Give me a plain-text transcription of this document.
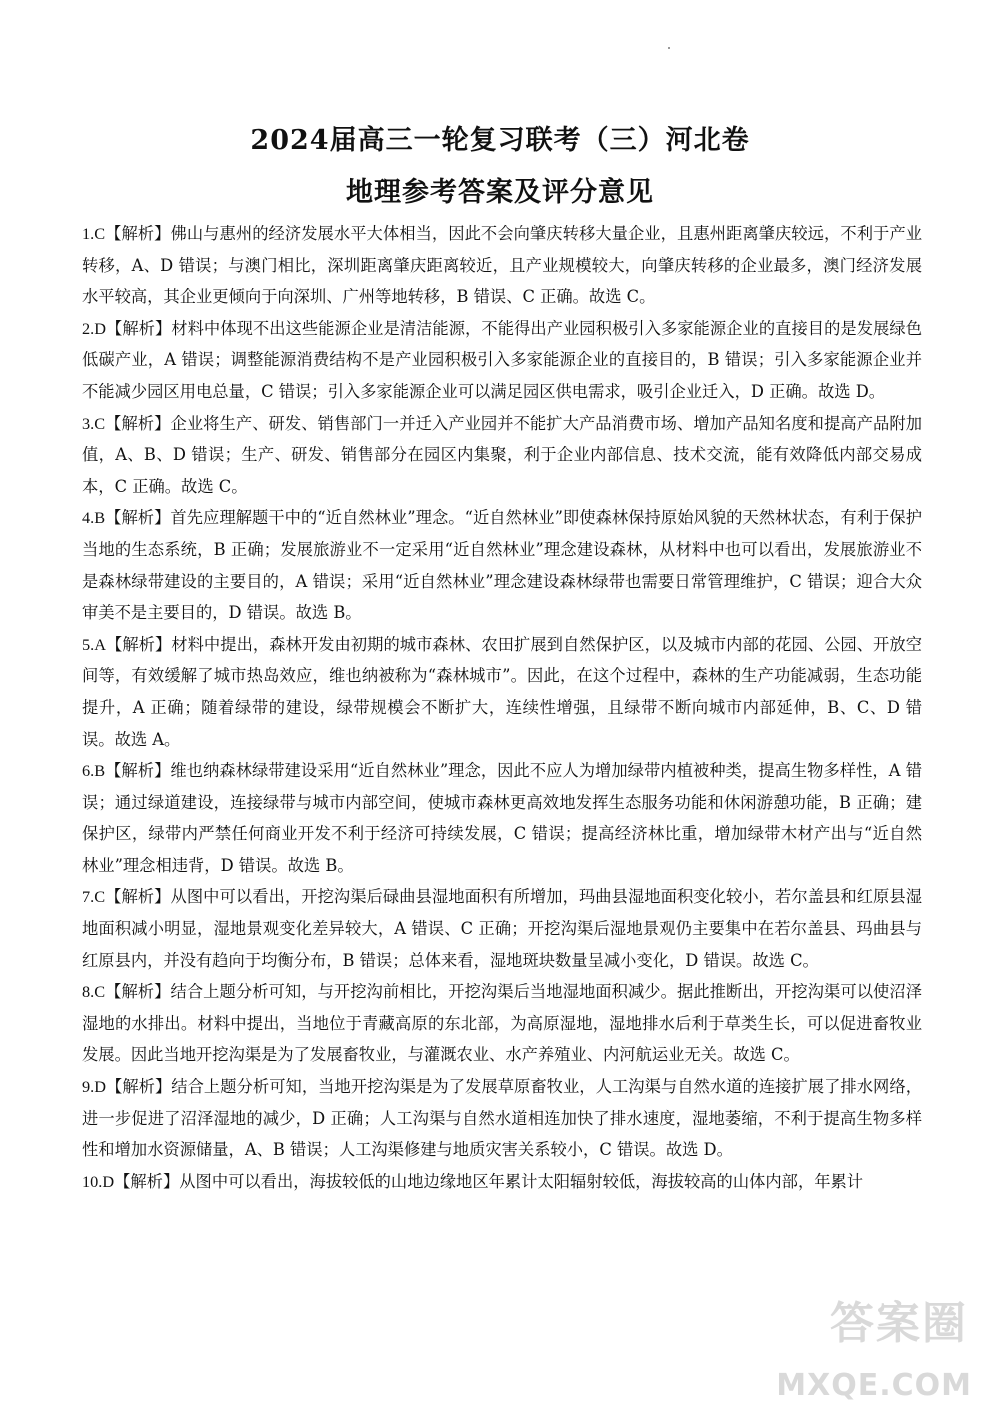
2024届高三一轮复习联考（三）河北卷
地理参考答案及评分意见

1.C【解析】佛山与惠州的经济发展水平大体相当，因此不会向肇庆转移大量企业，且惠州距离肇庆较远，不利于产业转移，A、D 错误；与澳门相比，深圳距离肇庆距离较近，且产业规模较大，向肇庆转移的企业最多，澳门经济发展水平较高，其企业更倾向于向深圳、广州等地转移，B 错误、C 正确。故选 C。

2.D【解析】材料中体现不出这些能源企业是清洁能源，不能得出产业园积极引入多家能源企业的直接目的是发展绿色低碳产业，A 错误；调整能源消费结构不是产业园积极引入多家能源企业的直接目的，B 错误；引入多家能源企业并不能减少园区用电总量，C 错误；引入多家能源企业可以满足园区供电需求，吸引企业迁入，D 正确。故选 D。

3.C【解析】企业将生产、研发、销售部门一并迁入产业园并不能扩大产品消费市场、增加产品知名度和提高产品附加值，A、B、D 错误；生产、研发、销售部分在园区内集聚，利于企业内部信息、技术交流，能有效降低内部交易成本，C 正确。故选 C。

4.B【解析】首先应理解题干中的“近自然林业”理念。“近自然林业”即使森林保持原始风貌的天然林状态，有利于保护当地的生态系统，B 正确；发展旅游业不一定采用“近自然林业”理念建设森林，从材料中也可以看出，发展旅游业不是森林绿带建设的主要目的，A 错误；采用“近自然林业”理念建设森林绿带也需要日常管理维护，C 错误；迎合大众审美不是主要目的，D 错误。故选 B。

5.A【解析】材料中提出，森林开发由初期的城市森林、农田扩展到自然保护区，以及城市内部的花园、公园、开放空间等，有效缓解了城市热岛效应，维也纳被称为“森林城市”。因此，在这个过程中，森林的生产功能减弱，生态功能提升，A 正确；随着绿带的建设，绿带规模会不断扩大，连续性增强，且绿带不断向城市内部延伸，B、C、D 错误。故选 A。

6.B【解析】维也纳森林绿带建设采用“近自然林业”理念，因此不应人为增加绿带内植被种类，提高生物多样性，A 错误；通过绿道建设，连接绿带与城市内部空间，使城市森林更高效地发挥生态服务功能和休闲游憩功能，B 正确；建保护区，绿带内严禁任何商业开发不利于经济可持续发展，C 错误；提高经济林比重，增加绿带木材产出与“近自然林业”理念相违背，D 错误。故选 B。

7.C【解析】从图中可以看出，开挖沟渠后碌曲县湿地面积有所增加，玛曲县湿地面积变化较小，若尔盖县和红原县湿地面积减小明显，湿地景观变化差异较大，A 错误、C 正确；开挖沟渠后湿地景观仍主要集中在若尔盖县、玛曲县与红原县内，并没有趋向于均衡分布，B 错误；总体来看，湿地斑块数量呈减小变化，D 错误。故选 C。

8.C【解析】结合上题分析可知，与开挖沟前相比，开挖沟渠后当地湿地面积减少。据此推断出，开挖沟渠可以使沼泽湿地的水排出。材料中提出，当地位于青藏高原的东北部，为高原湿地，湿地排水后利于草类生长，可以促进畜牧业发展。因此当地开挖沟渠是为了发展畜牧业，与灌溉农业、水产养殖业、内河航运业无关。故选 C。

9.D【解析】结合上题分析可知，当地开挖沟渠是为了发展草原畜牧业，人工沟渠与自然水道的连接扩展了排水网络，进一步促进了沼泽湿地的减少，D 正确；人工沟渠与自然水道相连加快了排水速度，湿地萎缩，不利于提高生物多样性和增加水资源储量，A、B 错误；人工沟渠修建与地质灾害关系较小，C 错误。故选 D。

10.D【解析】从图中可以看出，海拔较低的山地边缘地区年累计太阳辐射较低，海拔较高的山体内部，年累计

答案圈
MXQE.COM
